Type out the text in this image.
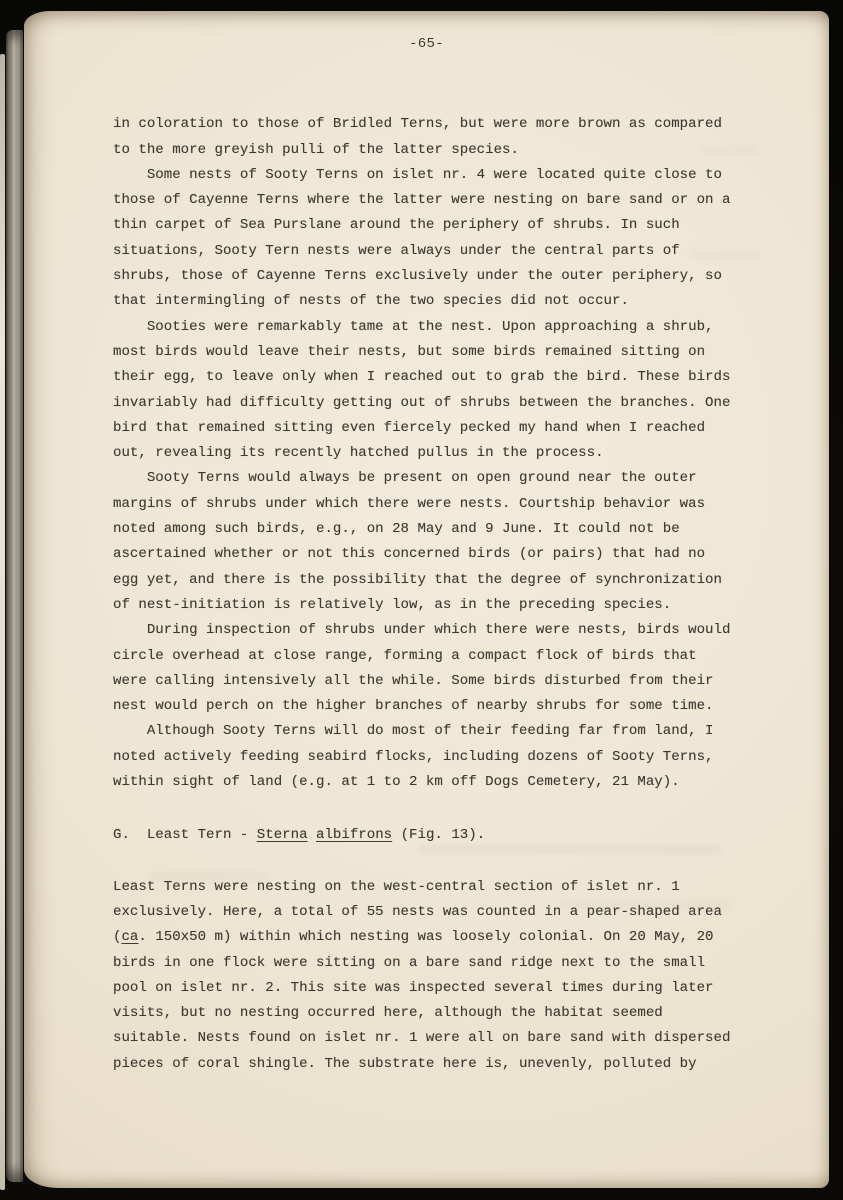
-65-
in coloration to those of Bridled Terns, but were more brown as compared
to the more greyish pulli of the latter species.
Some nests of Sooty Terns on islet nr. 4 were located quite close to
those of Cayenne Terns where the latter were nesting on bare sand or on a
thin carpet of Sea Purslane around the periphery of shrubs. In such
situations, Sooty Tern nests were always under the central parts of
shrubs, those of Cayenne Terns exclusively under the outer periphery, so
that intermingling of nests of the two species did not occur.
Sooties were remarkably tame at the nest. Upon approaching a shrub,
most birds would leave their nests, but some birds remained sitting on
their egg, to leave only when I reached out to grab the bird. These birds
invariably had difficulty getting out of shrubs between the branches. One
bird that remained sitting even fiercely pecked my hand when I reached
out, revealing its recently hatched pullus in the process.
Sooty Terns would always be present on open ground near the outer
margins of shrubs under which there were nests. Courtship behavior was
noted among such birds, e.g., on 28 May and 9 June. It could not be
ascertained whether or not this concerned birds (or pairs) that had no
egg yet, and there is the possibility that the degree of synchronization
of nest-initiation is relatively low, as in the preceding species.
During inspection of shrubs under which there were nests, birds would
circle overhead at close range, forming a compact flock of birds that
were calling intensively all the while. Some birds disturbed from their
nest would perch on the higher branches of nearby shrubs for some time.
Although Sooty Terns will do most of their feeding far from land, I
noted actively feeding seabird flocks, including dozens of Sooty Terns,
within sight of land (e.g. at 1 to 2 km off Dogs Cemetery, 21 May).
G.  Least Tern - Sterna albifrons (Fig. 13).
Least Terns were nesting on the west-central section of islet nr. 1
exclusively. Here, a total of 55 nests was counted in a pear-shaped area
(ca. 150x50 m) within which nesting was loosely colonial. On 20 May, 20
birds in one flock were sitting on a bare sand ridge next to the small
pool on islet nr. 2. This site was inspected several times during later
visits, but no nesting occurred here, although the habitat seemed
suitable. Nests found on islet nr. 1 were all on bare sand with dispersed
pieces of coral shingle. The substrate here is, unevenly, polluted by
